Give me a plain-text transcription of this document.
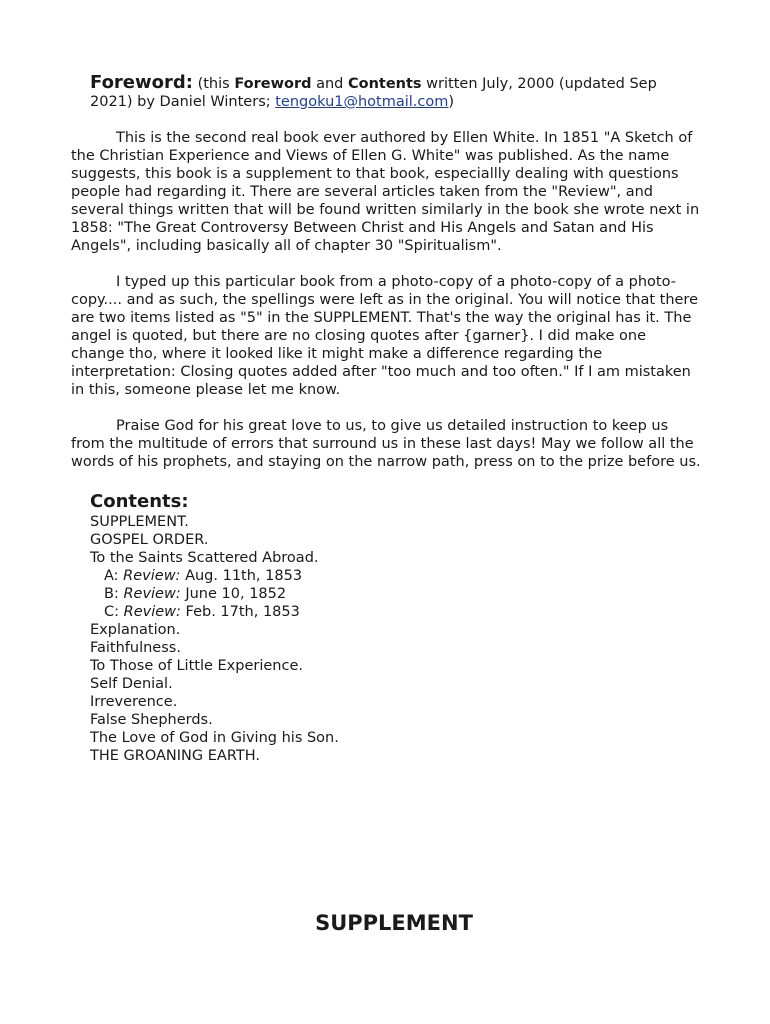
Foreword: (this Foreword and Contents written July, 2000 (updated Sep 2021) by Daniel Winters; tengoku1@hotmail.com)

This is the second real book ever authored by Ellen White. In 1851 "A Sketch of the Christian Experience and Views of Ellen G. White" was published. As the name suggests, this book is a supplement to that book, especiallly dealing with questions people had regarding it. There are several articles taken from the "Review", and several things written that will be found written similarly in the book she wrote next in 1858: "The Great Controversy Between Christ and His Angels and Satan and His Angels", including basically all of chapter 30 "Spiritualism".

I typed up this particular book from a photo-copy of a photo-copy of a photo-copy.... and as such, the spellings were left as in the original. You will notice that there are two items listed as "5" in the SUPPLEMENT. That's the way the original has it. The angel is quoted, but there are no closing quotes after {garner}. I did make one change tho, where it looked like it might make a difference regarding the interpretation: Closing quotes added after "too much and too often." If I am mistaken in this, someone please let me know.

Praise God for his great love to us, to give us detailed instruction to keep us from the multitude of errors that surround us in these last days! May we follow all the words of his prophets, and staying on the narrow path, press on to the prize before us.

Contents:
SUPPLEMENT.
GOSPEL ORDER.
To the Saints Scattered Abroad.
A: Review: Aug. 11th, 1853
B: Review: June 10, 1852
C: Review: Feb. 17th, 1853
Explanation.
Faithfulness.
To Those of Little Experience.
Self Denial.
Irreverence.
False Shepherds.
The Love of God in Giving his Son.
THE GROANING EARTH.
SUPPLEMENT
